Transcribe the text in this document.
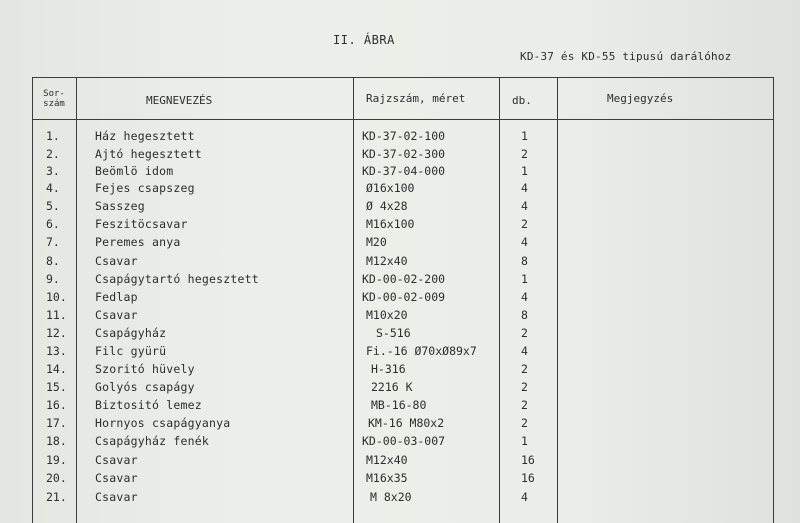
II. ÁBRA
KD-37 és KD-55 tipusú darálóhoz
Sor-
szám	MEGNEVEZÉS	Rajzszám, méret	db.	Megjegyzés
1.	Ház hegesztett	KD-37-02-100	1
2.	Ajtó hegesztett	KD-37-02-300	2
3.	Beömlö idom	KD-37-04-000	1
4.	Fejes csapszeg	Ø16x100	4
5.	Sasszeg	Ø 4x28	4
6.	Feszitöcsavar	M16x100	2
7.	Peremes anya	M20	4
8.	Csavar	M12x40	8
9.	Csapágytartó hegesztett	KD-00-02-200	1
10. Fedlap	KD-00-02-009	4
11. Csavar	M10x20	8
12. Csapágyház	S-516	2
13. Filc gyürü	Fi.-16 Ø70xØ89x7	4
14. Szoritó hüvely	H-316	2
15. Golyós csapágy	2216 K	2
16. Biztositó lemez	MB-16-80	2
17. Hornyos csapágyanya	KM-16 M80x2	2
18. Csapágyház fenék	KD-00-03-007	1
19. Csavar	M12x40	16
20. Csavar	M16x35	16
21. Csavar	M 8x20	4
